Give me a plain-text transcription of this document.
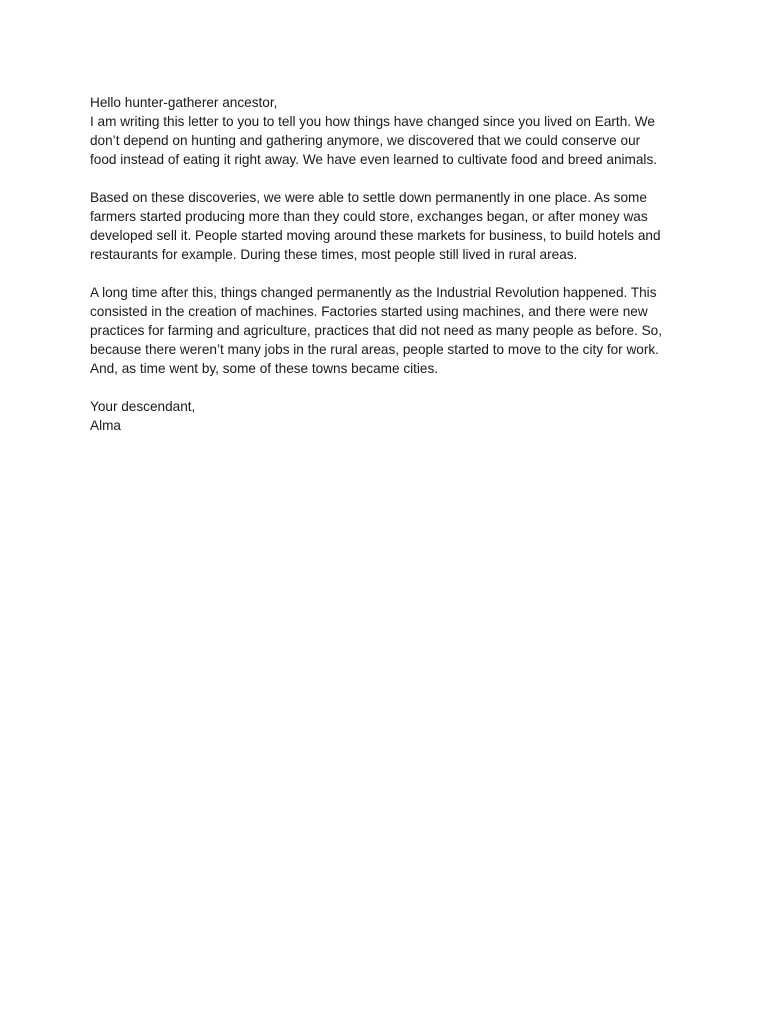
Hello hunter-gatherer ancestor,
I am writing this letter to you to tell you how things have changed since you lived on Earth. We
don’t depend on hunting and gathering anymore, we discovered that we could conserve our
food instead of eating it right away. We have even learned to cultivate food and breed animals.
Based on these discoveries, we were able to settle down permanently in one place. As some
farmers started producing more than they could store, exchanges began, or after money was
developed sell it. People started moving around these markets for business, to build hotels and
restaurants for example. During these times, most people still lived in rural areas.
A long time after this, things changed permanently as the Industrial Revolution happened. This
consisted in the creation of machines. Factories started using machines, and there were new
practices for farming and agriculture, practices that did not need as many people as before. So,
because there weren’t many jobs in the rural areas, people started to move to the city for work.
And, as time went by, some of these towns became cities.
Your descendant,
Alma
